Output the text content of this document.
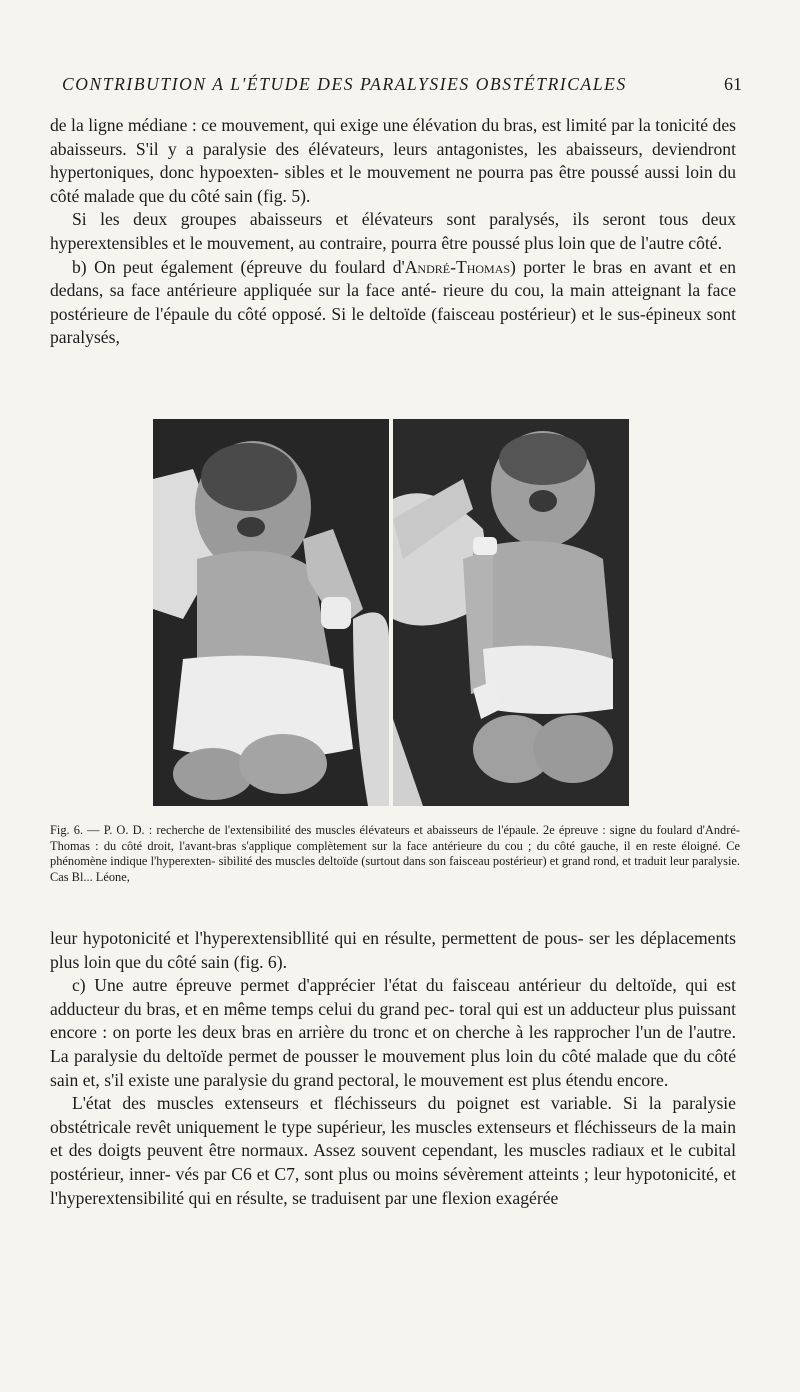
CONTRIBUTION A L'ÉTUDE DES PARALYSIES OBSTÉTRICALES	61

de la ligne médiane : ce mouvement, qui exige une élévation du bras, est limité par la tonicité des abaisseurs. S'il y a paralysie des élévateurs, leurs antagonistes, les abaisseurs, deviendront hypertoniques, donc hypoexten- sibles et le mouvement ne pourra pas être poussé aussi loin du côté malade que du côté sain (fig. 5).

Si les deux groupes abaisseurs et élévateurs sont paralysés, ils seront tous deux hyperextensibles et le mouvement, au contraire, pourra être poussé plus loin que de l'autre côté.

b) On peut également (épreuve du foulard d'André-Thomas) porter le bras en avant et en dedans, sa face antérieure appliquée sur la face anté- rieure du cou, la main atteignant la face postérieure de l'épaule du côté opposé. Si le deltoïde (faisceau postérieur) et le sus-épineux sont paralysés,

Fig. 6. — P. O. D. : recherche de l'extensibilité des muscles élévateurs et abaisseurs de l'épaule. 2e épreuve : signe du foulard d'André-Thomas : du côté droit, l'avant-bras s'applique complètement sur la face antérieure du cou ; du côté gauche, il en reste éloigné. Ce phénomène indique l'hyperexten- sibilité des muscles deltoïde (surtout dans son faisceau postérieur) et grand rond, et traduit leur paralysie. Cas Bl... Léone,

leur hypotonicité et l'hyperextensibllité qui en résulte, permettent de pous- ser les déplacements plus loin que du côté sain (fig. 6).

c) Une autre épreuve permet d'apprécier l'état du faisceau antérieur du deltoïde, qui est adducteur du bras, et en même temps celui du grand pec- toral qui est un adducteur plus puissant encore : on porte les deux bras en arrière du tronc et on cherche à les rapprocher l'un de l'autre. La paralysie du deltoïde permet de pousser le mouvement plus loin du côté malade que du côté sain et, s'il existe une paralysie du grand pectoral, le mouvement est plus étendu encore.

L'état des muscles extenseurs et fléchisseurs du poignet est variable. Si la paralysie obstétricale revêt uniquement le type supérieur, les muscles extenseurs et fléchisseurs de la main et des doigts peuvent être normaux. Assez souvent cependant, les muscles radiaux et le cubital postérieur, inner- vés par C6 et C7, sont plus ou moins sévèrement atteints ; leur hypotonicité, et l'hyperextensibilité qui en résulte, se traduisent par une flexion exagérée
